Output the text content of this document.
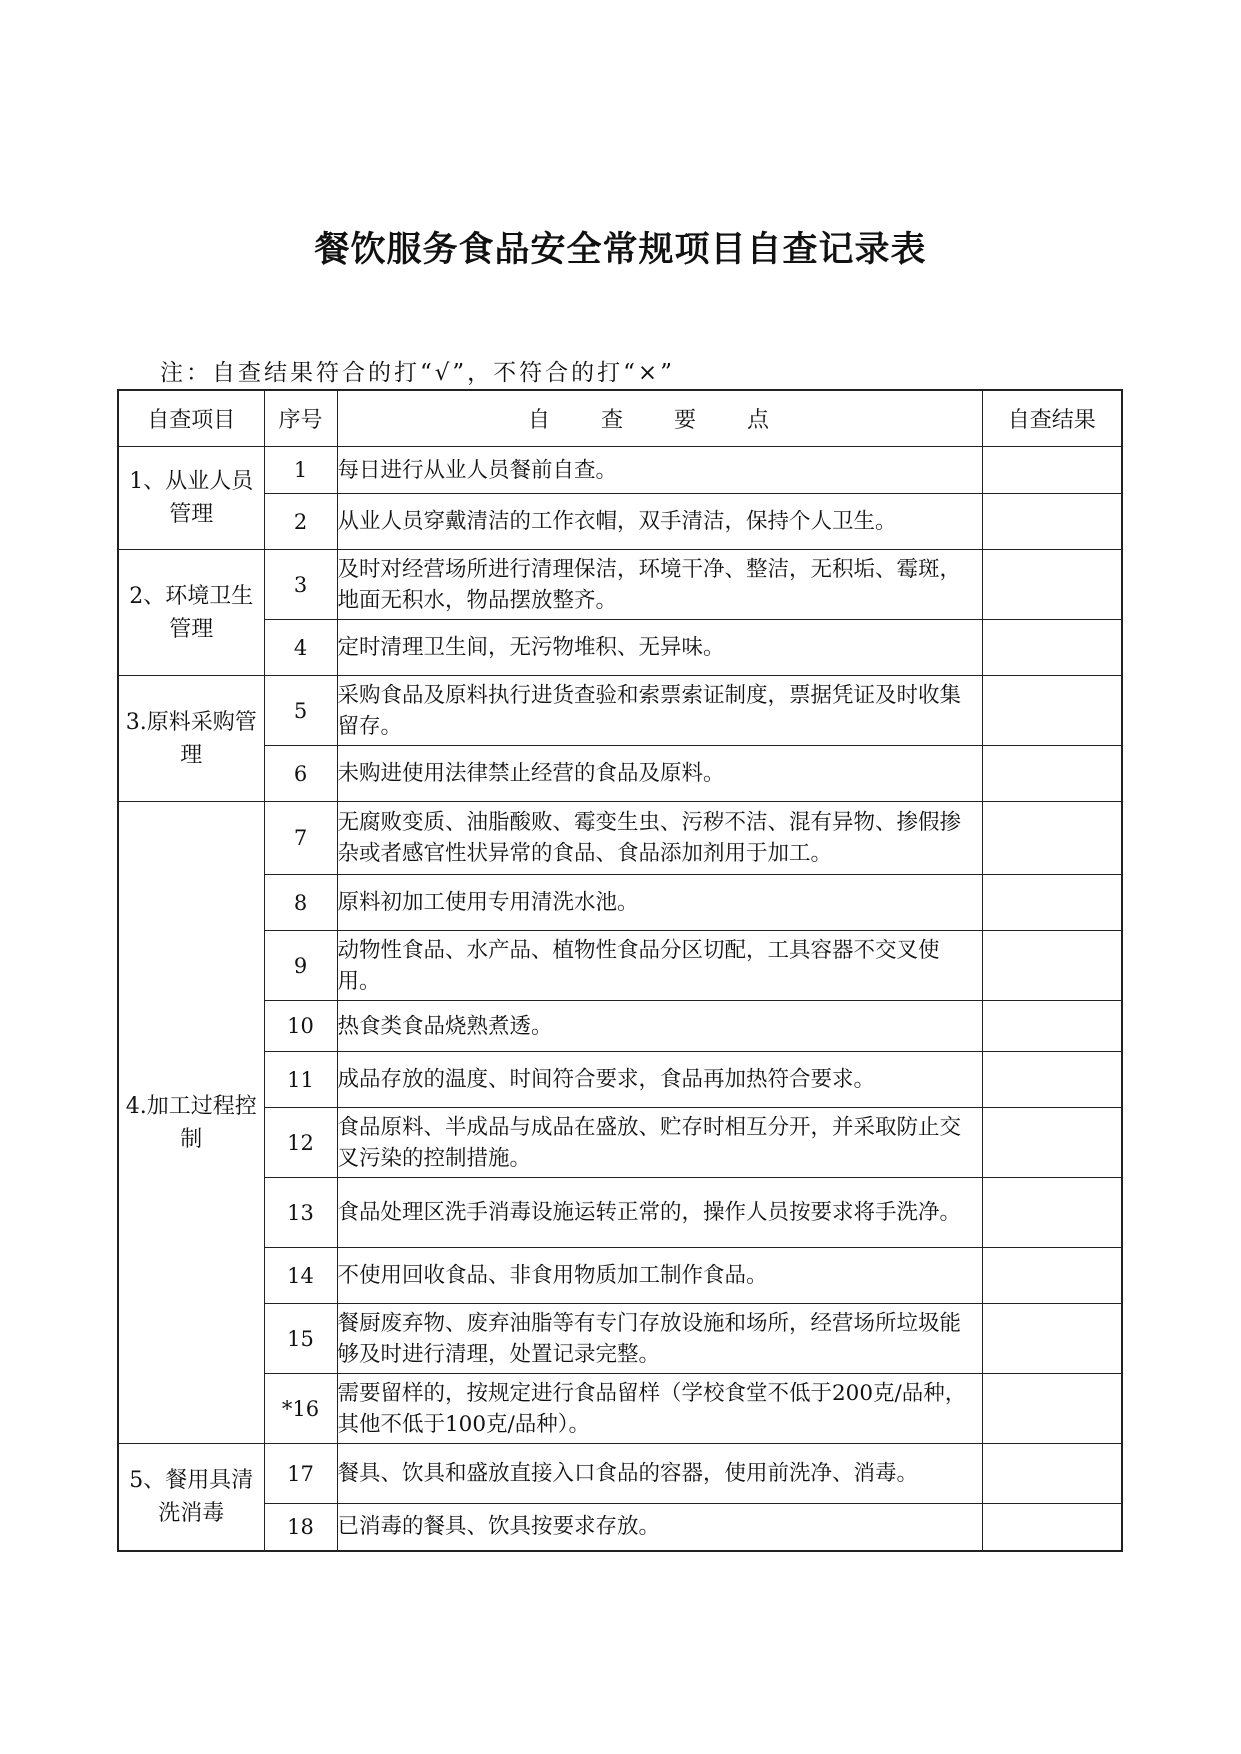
餐饮服务食品安全常规项目自查记录表
注：自查结果符合的打“√”，不符合的打“×”
自查项目	序号	自 查 要 点	自查结果
1、从业人员管理	1	每日进行从业人员餐前自查。	
	2	从业人员穿戴清洁的工作衣帽，双手清洁，保持个人卫生。	
2、环境卫生管理	3	及时对经营场所进行清理保洁，环境干净、整洁，无积垢、霉斑，地面无积水，物品摆放整齐。	
	4	定时清理卫生间，无污物堆积、无异味。	
3.原料采购管理	5	采购食品及原料执行进货查验和索票索证制度，票据凭证及时收集留存。	
	6	未购进使用法律禁止经营的食品及原料。	
4.加工过程控制	7	无腐败变质、油脂酸败、霉变生虫、污秽不洁、混有异物、掺假掺杂或者感官性状异常的食品、食品添加剂用于加工。	
	8	原料初加工使用专用清洗水池。	
	9	动物性食品、水产品、植物性食品分区切配，工具容器不交叉使用。	
	10	热食类食品烧熟煮透。	
	11	成品存放的温度、时间符合要求，食品再加热符合要求。	
	12	食品原料、半成品与成品在盛放、贮存时相互分开，并采取防止交叉污染的控制措施。	
	13	食品处理区洗手消毒设施运转正常的，操作人员按要求将手洗净。	
	14	不使用回收食品、非食用物质加工制作食品。	
	15	餐厨废弃物、废弃油脂等有专门存放设施和场所，经营场所垃圾能够及时进行清理，处置记录完整。	
	*16	需要留样的，按规定进行食品留样（学校食堂不低于200克/品种，其他不低于100克/品种）。	
5、餐用具清洗消毒	17	餐具、饮具和盛放直接入口食品的容器，使用前洗净、消毒。	
	18	已消毒的餐具、饮具按要求存放。	
